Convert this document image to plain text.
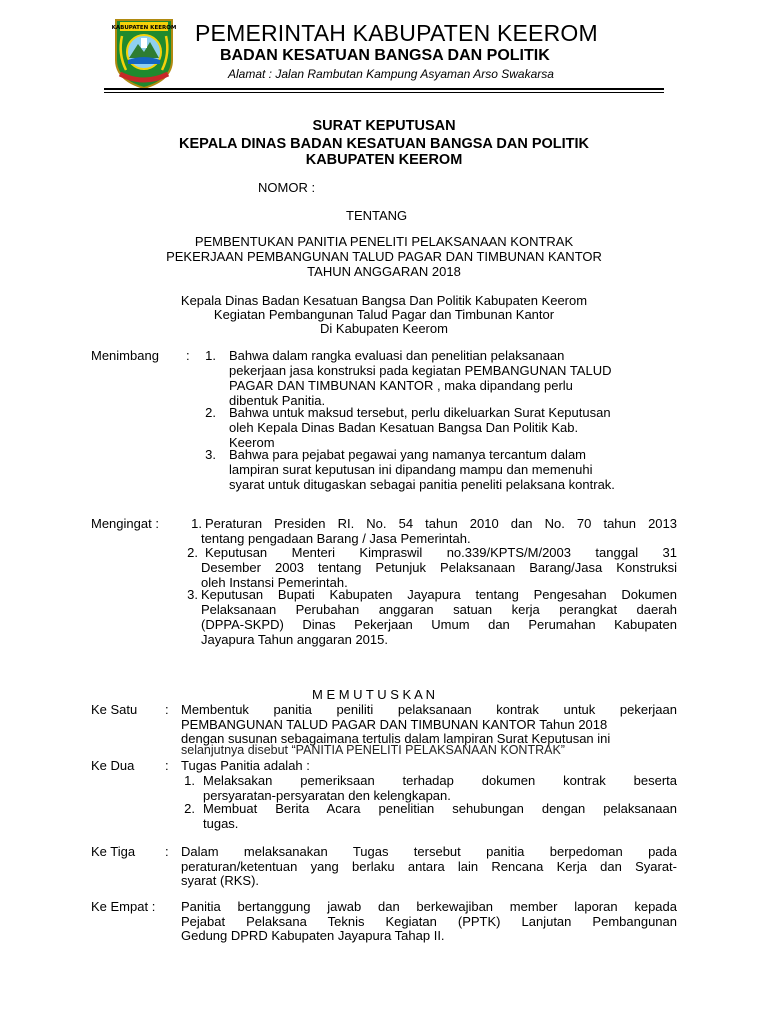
KABUPATEN KEEROM PEMERINTAH KABUPATEN KEEROM
BADAN KESATUAN BANGSA DAN POLITIK
Alamat : Jalan Rambutan Kampung Asyaman Arso Swakarsa
SURAT KEPUTUSAN
KEPALA DINAS BADAN KESATUAN BANGSA DAN POLITIK
KABUPATEN KEEROM
NOMOR :
TENTANG
PEMBENTUKAN PANITIA PENELITI PELAKSANAAN KONTRAK
PEKERJAAN PEMBANGUNAN TALUD PAGAR DAN TIMBUNAN KANTOR
TAHUN ANGGARAN 2018
Kepala Dinas Badan Kesatuan Bangsa Dan Politik Kabupaten Keerom
Kegiatan Pembangunan Talud Pagar dan Timbunan Kantor
Di Kabupaten Keerom
Menimbang : 1. Bahwa dalam rangka evaluasi dan penelitian pelaksanaan
pekerjaan jasa konstruksi pada kegiatan PEMBANGUNAN TALUD
PAGAR DAN TIMBUNAN KANTOR , maka dipandang perlu
dibentuk Panitia.
2. Bahwa untuk maksud tersebut, perlu dikeluarkan Surat Keputusan
oleh Kepala Dinas Badan Kesatuan Bangsa Dan Politik Kab.
Keerom
3. Bahwa para pejabat pegawai yang namanya tercantum dalam
lampiran surat keputusan ini dipandang mampu dan memenuhi
syarat untuk ditugaskan sebagai panitia peneliti pelaksana kontrak.
Mengingat : 1. Peraturan Presiden RI. No. 54 tahun 2010 dan No. 70 tahun 2013
tentang pengadaan Barang / Jasa Pemerintah.
2. Keputusan Menteri Kimpraswil no.339/KPTS/M/2003 tanggal 31
Desember 2003 tentang Petunjuk Pelaksanaan Barang/Jasa Konstruksi
oleh Instansi Pemerintah.
3. Keputusan Bupati Kabupaten Jayapura tentang Pengesahan Dokumen
Pelaksanaan Perubahan anggaran satuan kerja perangkat daerah
(DPPA-SKPD) Dinas Pekerjaan Umum dan Perumahan Kabupaten
Jayapura Tahun anggaran 2015.
M E M U T U S K A N
Ke Satu : Membentuk panitia peniliti pelaksanaan kontrak untuk pekerjaan
PEMBANGUNAN TALUD PAGAR DAN TIMBUNAN KANTOR Tahun 2018
dengan susunan sebagaimana tertulis dalam lampiran Surat Keputusan ini
selanjutnya disebut “PANITIA PENELITI PELAKSANAAN KONTRAK”
Ke Dua : Tugas Panitia adalah :
1. Melaksakan pemeriksaan terhadap dokumen kontrak beserta
persyaratan-persyaratan den kelengkapan.
2. Membuat Berita Acara penelitian sehubungan dengan pelaksanaan
tugas.
Ke Tiga : Dalam melaksanakan Tugas tersebut panitia berpedoman pada
peraturan/ketentuan yang berlaku antara lain Rencana Kerja dan Syarat-
syarat (RKS).
Ke Empat : Panitia bertanggung jawab dan berkewajiban member laporan kepada
Pejabat Pelaksana Teknis Kegiatan (PPTK) Lanjutan Pembangunan
Gedung DPRD Kabupaten Jayapura Tahap II.
